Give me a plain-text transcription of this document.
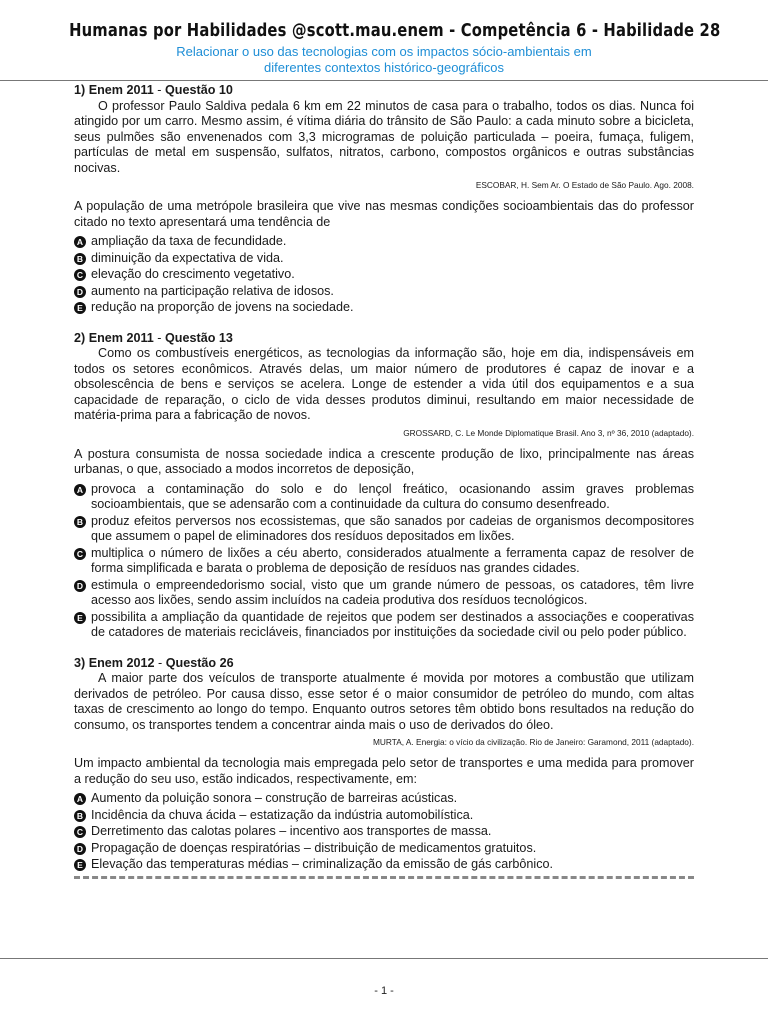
Humanas por Habilidades @scott.mau.enem - Competência 6 - Habilidade 28
Relacionar o uso das tecnologias com os impactos sócio-ambientais em
diferentes contextos histórico-geográficos

1) Enem 2011 - Questão 10

O professor Paulo Saldiva pedala 6 km em 22 minutos de casa para o trabalho, todos os dias. Nunca foi atingido por um carro. Mesmo assim, é vítima diária do trânsito de São Paulo: a cada minuto sobre a bicicleta, seus pulmões são envenenados com 3,3 microgramas de poluição particulada – poeira, fumaça, fuligem, partículas de metal em suspensão, sulfatos, nitratos, carbono, compostos orgânicos e outras substâncias nocivas.

ESCOBAR, H. Sem Ar. O Estado de São Paulo. Ago. 2008.

A população de uma metrópole brasileira que vive nas mesmas condições socioambientais das do professor citado no texto apresentará uma tendência de

A ampliação da taxa de fecundidade.
B diminuição da expectativa de vida.
C elevação do crescimento vegetativo.
D aumento na participação relativa de idosos.
E redução na proporção de jovens na sociedade.

2) Enem 2011 - Questão 13

Como os combustíveis energéticos, as tecnologias da informação são, hoje em dia, indispensáveis em todos os setores econômicos. Através delas, um maior número de produtores é capaz de inovar e a obsolescência de bens e serviços se acelera. Longe de estender a vida útil dos equipamentos e a sua capacidade de reparação, o ciclo de vida desses produtos diminui, resultando em maior necessidade de matéria-prima para a fabricação de novos.

GROSSARD, C. Le Monde Diplomatique Brasil. Ano 3, nº 36, 2010 (adaptado).

A postura consumista de nossa sociedade indica a crescente produção de lixo, principalmente nas áreas urbanas, o que, associado a modos incorretos de deposição,

A provoca a contaminação do solo e do lençol freático, ocasionando assim graves problemas socioambientais, que se adensarão com a continuidade da cultura do consumo desenfreado.
B produz efeitos perversos nos ecossistemas, que são sanados por cadeias de organismos decompositores que assumem o papel de eliminadores dos resíduos depositados em lixões.
C multiplica o número de lixões a céu aberto, considerados atualmente a ferramenta capaz de resolver de forma simplificada e barata o problema de deposição de resíduos nas grandes cidades.
D estimula o empreendedorismo social, visto que um grande número de pessoas, os catadores, têm livre acesso aos lixões, sendo assim incluídos na cadeia produtiva dos resíduos tecnológicos.
E possibilita a ampliação da quantidade de rejeitos que podem ser destinados a associações e cooperativas de catadores de materiais recicláveis, financiados por instituições da sociedade civil ou pelo poder público.

3) Enem 2012 - Questão 26

A maior parte dos veículos de transporte atualmente é movida por motores a combustão que utilizam derivados de petróleo. Por causa disso, esse setor é o maior consumidor de petróleo do mundo, com altas taxas de crescimento ao longo do tempo. Enquanto outros setores têm obtido bons resultados na redução do consumo, os transportes tendem a concentrar ainda mais o uso de derivados do óleo.

MURTA, A. Energia: o vício da civilização. Rio de Janeiro: Garamond, 2011 (adaptado).

Um impacto ambiental da tecnologia mais empregada pelo setor de transportes e uma medida para promover a redução do seu uso, estão indicados, respectivamente, em:

A Aumento da poluição sonora – construção de barreiras acústicas.
B Incidência da chuva ácida – estatização da indústria automobilística.
C Derretimento das calotas polares – incentivo aos transportes de massa.
D Propagação de doenças respiratórias – distribuição de medicamentos gratuitos.
E Elevação das temperaturas médias – criminalização da emissão de gás carbônico.
- 1 -
